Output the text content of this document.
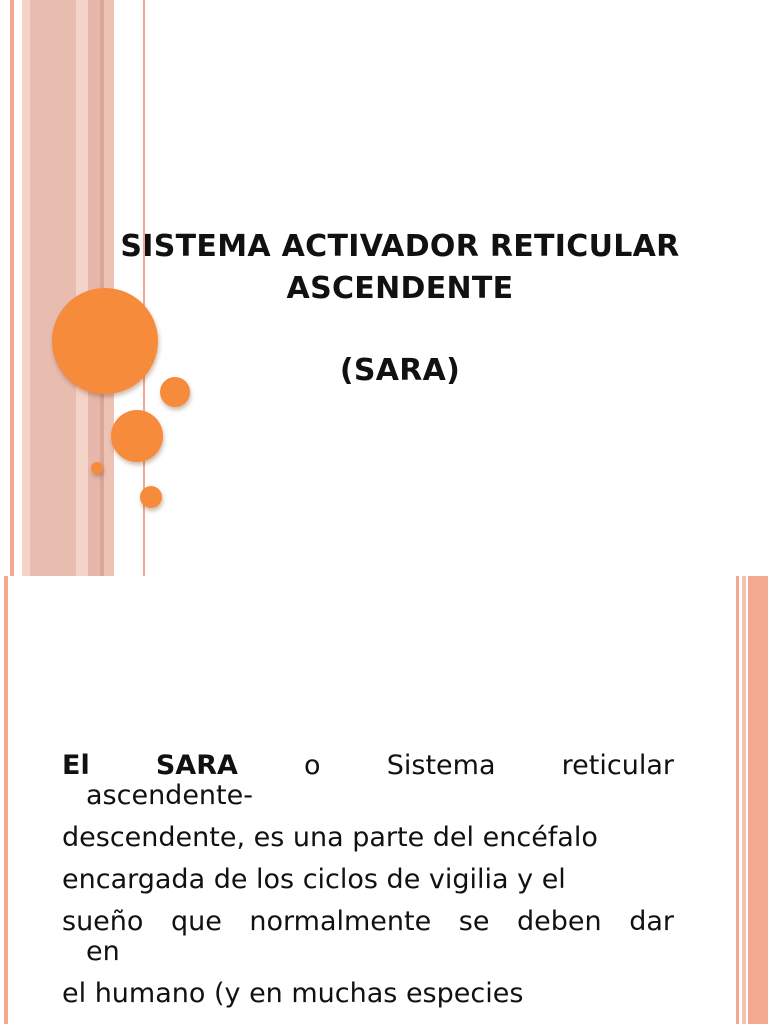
SISTEMA ACTIVADOR RETICULAR
ASCENDENTE
(SARA)
El SARA o Sistema reticular
ascendente-
descendente, es una parte del encéfalo
encargada de los ciclos de vigilia y el
sueño que normalmente se deben dar
en
el humano (y en muchas especies
